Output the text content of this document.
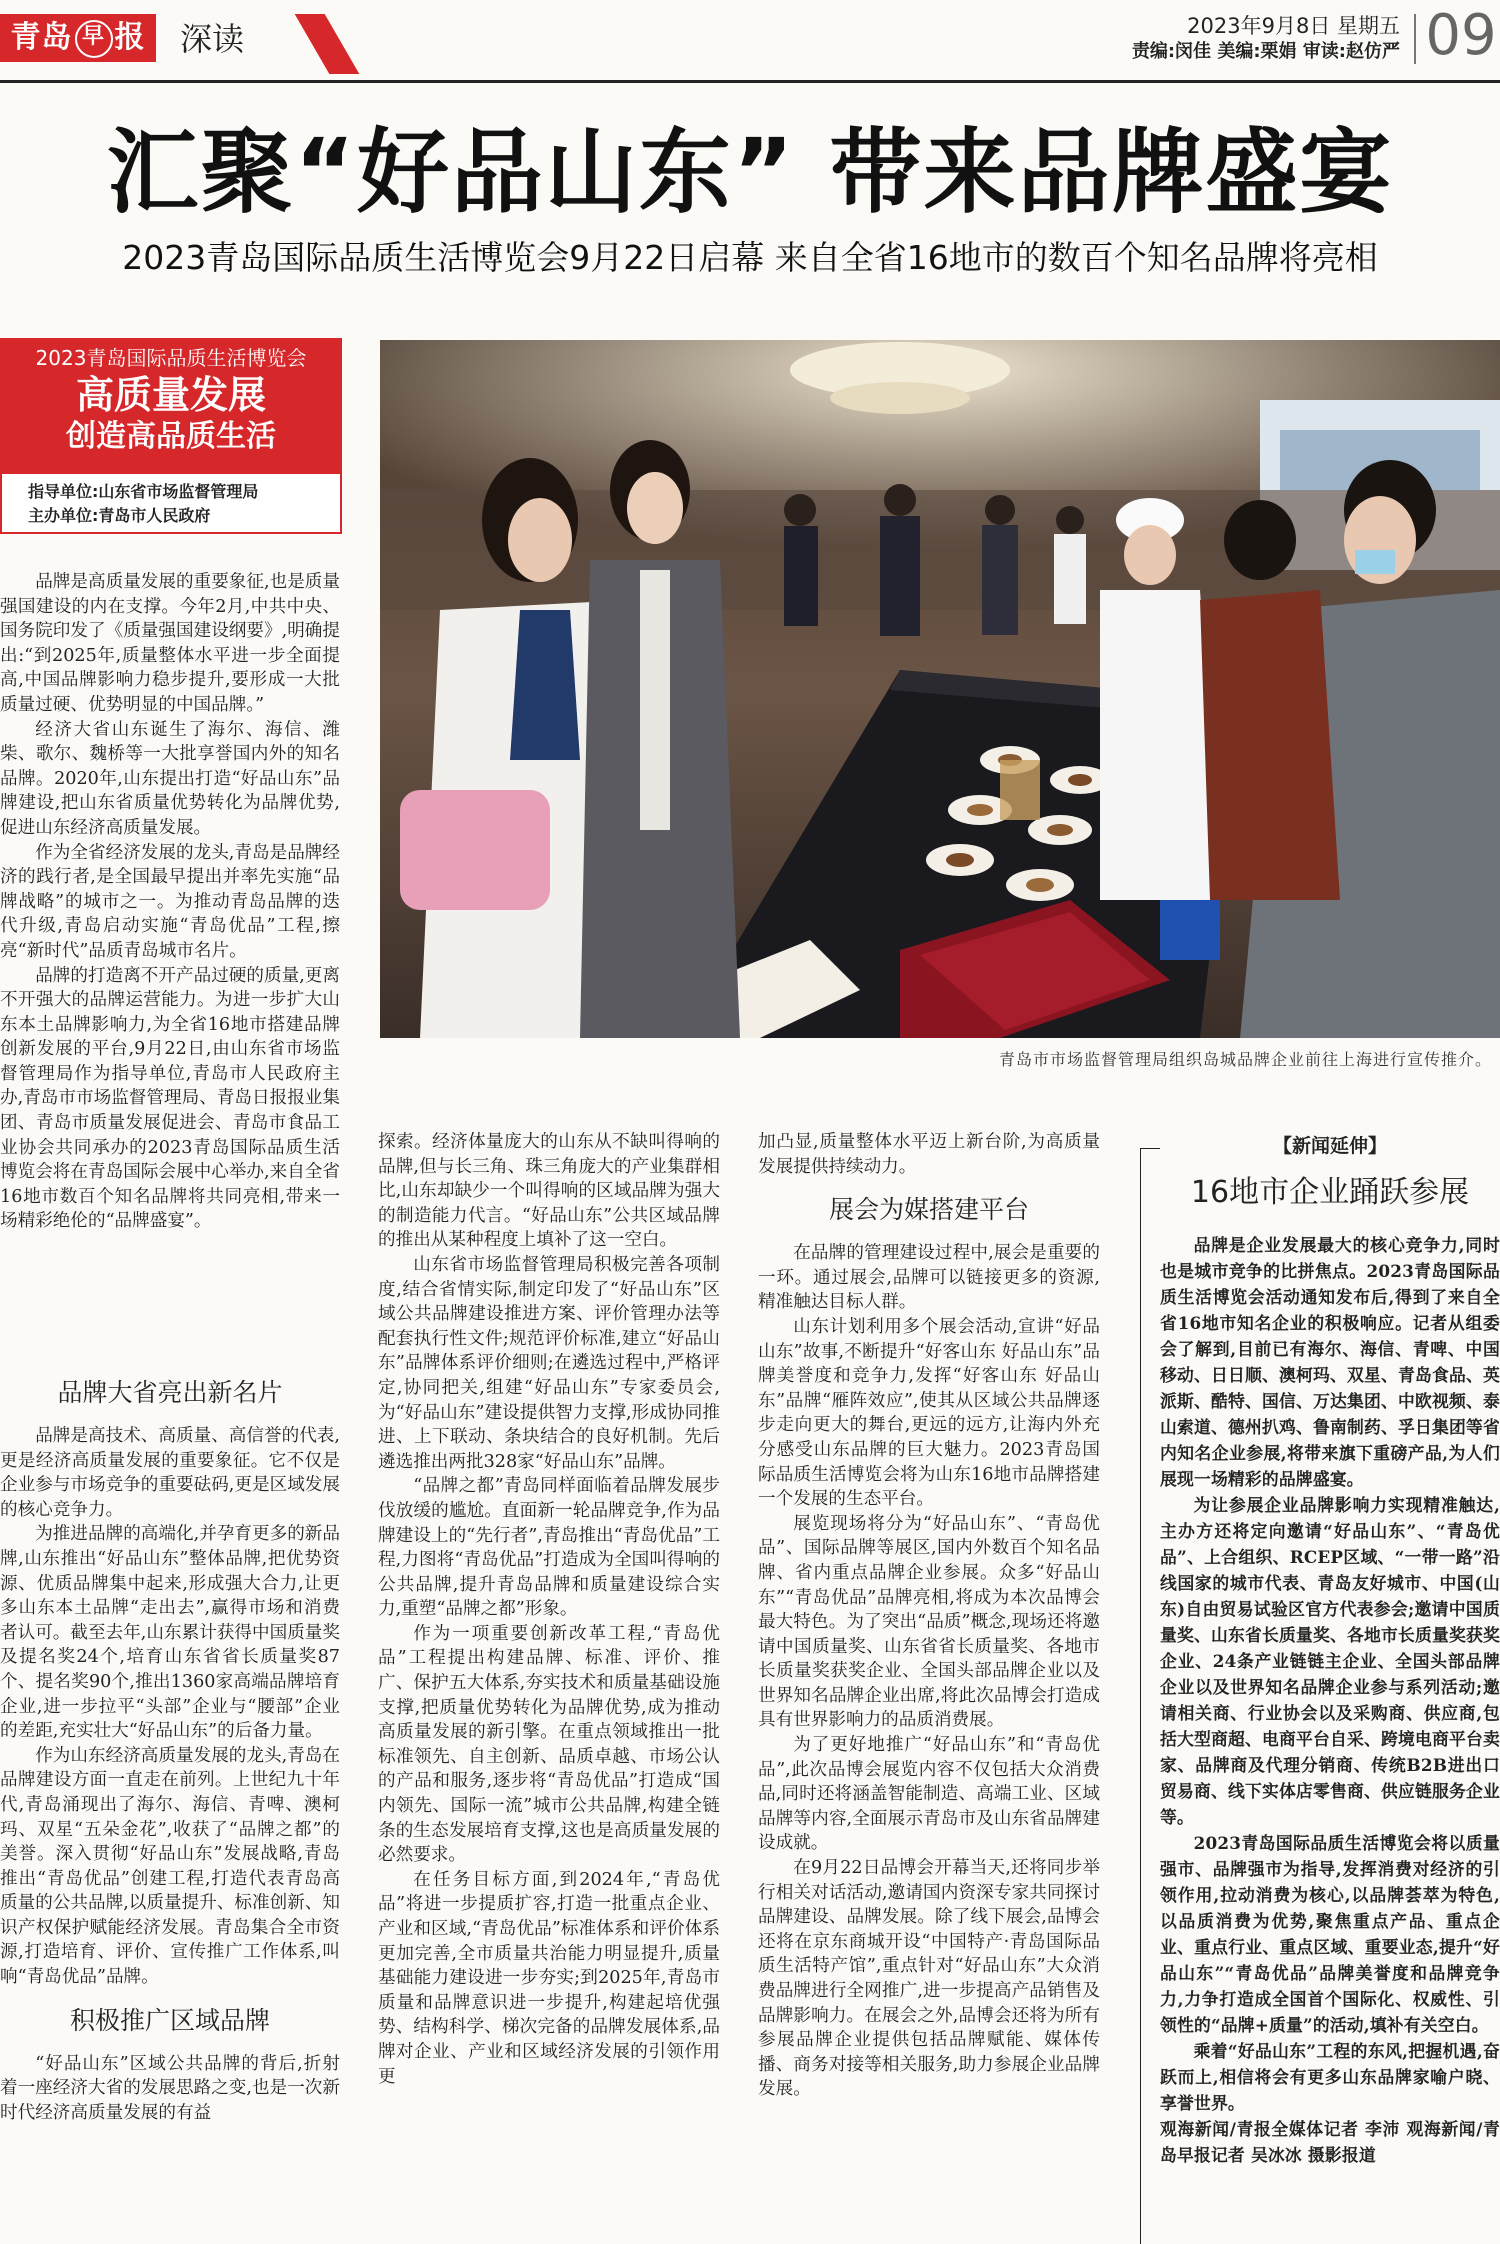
青岛 早 报	深读	2023年9月8日 星期五
责编:闵佳 美编:栗娟 审读:赵仿严 09
汇聚“好品山东” 带来品牌盛宴
2023青岛国际品质生活博览会9月22日启幕 来自全省16地市的数百个知名品牌将亮相
2023青岛国际品质生活博览会
高质量发展
创造高品质生活
指导单位:山东省市场监督管理局
主办单位:青岛市人民政府
青岛市市场监督管理局组织岛城品牌企业前往上海进行宣传推介。

品牌是高质量发展的重要象征,也是质量强国建设的内在支撑。今年2月,中共中央、国务院印发了《质量强国建设纲要》,明确提出:“到2025年,质量整体水平进一步全面提高,中国品牌影响力稳步提升,要形成一大批质量过硬、优势明显的中国品牌。”

经济大省山东诞生了海尔、海信、潍柴、歌尔、魏桥等一大批享誉国内外的知名品牌。2020年,山东提出打造“好品山东”品牌建设,把山东省质量优势转化为品牌优势,促进山东经济高质量发展。

作为全省经济发展的龙头,青岛是品牌经济的践行者,是全国最早提出并率先实施“品牌战略”的城市之一。为推动青岛品牌的迭代升级,青岛启动实施“青岛优品”工程,擦亮“新时代”品质青岛城市名片。

品牌的打造离不开产品过硬的质量,更离不开强大的品牌运营能力。为进一步扩大山东本土品牌影响力,为全省16地市搭建品牌创新发展的平台,9月22日,由山东省市场监督管理局作为指导单位,青岛市人民政府主办,青岛市市场监督管理局、青岛日报报业集团、青岛市质量发展促进会、青岛市食品工业协会共同承办的2023青岛国际品质生活博览会将在青岛国际会展中心举办,来自全省16地市数百个知名品牌将共同亮相,带来一场精彩绝伦的“品牌盛宴”。

品牌大省亮出新名片

品牌是高技术、高质量、高信誉的代表,更是经济高质量发展的重要象征。它不仅是企业参与市场竞争的重要砝码,更是区域发展的核心竞争力。

为推进品牌的高端化,并孕育更多的新品牌,山东推出“好品山东”整体品牌,把优势资源、优质品牌集中起来,形成强大合力,让更多山东本土品牌“走出去”,赢得市场和消费者认可。截至去年,山东累计获得中国质量奖及提名奖24个,培育山东省省长质量奖87个、提名奖90个,推出1360家高端品牌培育企业,进一步拉平“头部”企业与“腰部”企业的差距,充实壮大“好品山东”的后备力量。

作为山东经济高质量发展的龙头,青岛在品牌建设方面一直走在前列。上世纪九十年代,青岛涌现出了海尔、海信、青啤、澳柯玛、双星“五朵金花”,收获了“品牌之都”的美誉。深入贯彻“好品山东”发展战略,青岛推出“青岛优品”创建工程,打造代表青岛高质量的公共品牌,以质量提升、标准创新、知识产权保护赋能经济发展。青岛集合全市资源,打造培育、评价、宣传推广工作体系,叫响“青岛优品”品牌。

积极推广区域品牌

“好品山东”区域公共品牌的背后,折射着一座经济大省的发展思路之变,也是一次新时代经济高质量发展的有益

探索。经济体量庞大的山东从不缺叫得响的品牌,但与长三角、珠三角庞大的产业集群相比,山东却缺少一个叫得响的区域品牌为强大的制造能力代言。“好品山东”公共区域品牌的推出从某种程度上填补了这一空白。

山东省市场监督管理局积极完善各项制度,结合省情实际,制定印发了“好品山东”区域公共品牌建设推进方案、评价管理办法等配套执行性文件;规范评价标准,建立“好品山东”品牌体系评价细则;在遴选过程中,严格评定,协同把关,组建“好品山东”专家委员会,为“好品山东”建设提供智力支撑,形成协同推进、上下联动、条块结合的良好机制。先后遴选推出两批328家“好品山东”品牌。

“品牌之都”青岛同样面临着品牌发展步伐放缓的尴尬。直面新一轮品牌竞争,作为品牌建设上的“先行者”,青岛推出“青岛优品”工程,力图将“青岛优品”打造成为全国叫得响的公共品牌,提升青岛品牌和质量建设综合实力,重塑“品牌之都”形象。

作为一项重要创新改革工程,“青岛优品”工程提出构建品牌、标准、评价、推广、保护五大体系,夯实技术和质量基础设施支撑,把质量优势转化为品牌优势,成为推动高质量发展的新引擎。在重点领域推出一批标准领先、自主创新、品质卓越、市场公认的产品和服务,逐步将“青岛优品”打造成“国内领先、国际一流”城市公共品牌,构建全链条的生态发展培育支撑,这也是高质量发展的必然要求。

在任务目标方面,到2024年,“青岛优品”将进一步提质扩容,打造一批重点企业、产业和区域,“青岛优品”标准体系和评价体系更加完善,全市质量共治能力明显提升,质量基础能力建设进一步夯实;到2025年,青岛市质量和品牌意识进一步提升,构建起培优强势、结构科学、梯次完备的品牌发展体系,品牌对企业、产业和区域经济发展的引领作用更

加凸显,质量整体水平迈上新台阶,为高质量发展提供持续动力。

展会为媒搭建平台

在品牌的管理建设过程中,展会是重要的一环。通过展会,品牌可以链接更多的资源,精准触达目标人群。

山东计划利用多个展会活动,宣讲“好品山东”故事,不断提升“好客山东 好品山东”品牌美誉度和竞争力,发挥“好客山东 好品山东”品牌“雁阵效应”,使其从区域公共品牌逐步走向更大的舞台,更远的远方,让海内外充分感受山东品牌的巨大魅力。2023青岛国际品质生活博览会将为山东16地市品牌搭建一个发展的生态平台。

展览现场将分为“好品山东”、“青岛优品”、国际品牌等展区,国内外数百个知名品牌、省内重点品牌企业参展。众多“好品山东”“青岛优品”品牌亮相,将成为本次品博会最大特色。为了突出“品质”概念,现场还将邀请中国质量奖、山东省省长质量奖、各地市长质量奖获奖企业、全国头部品牌企业以及世界知名品牌企业出席,将此次品博会打造成具有世界影响力的品质消费展。

为了更好地推广“好品山东”和“青岛优品”,此次品博会展览内容不仅包括大众消费品,同时还将涵盖智能制造、高端工业、区域品牌等内容,全面展示青岛市及山东省品牌建设成就。

在9月22日品博会开幕当天,还将同步举行相关对话活动,邀请国内资深专家共同探讨品牌建设、品牌发展。除了线下展会,品博会还将在京东商城开设“中国特产·青岛国际品质生活特产馆”,重点针对“好品山东”大众消费品牌进行全网推广,进一步提高产品销售及品牌影响力。在展会之外,品博会还将为所有参展品牌企业提供包括品牌赋能、媒体传播、商务对接等相关服务,助力参展企业品牌发展。

【新闻延伸】
16地市企业踊跃参展

品牌是企业发展最大的核心竞争力,同时也是城市竞争的比拼焦点。2023青岛国际品质生活博览会活动通知发布后,得到了来自全省16地市知名企业的积极响应。记者从组委会了解到,目前已有海尔、海信、青啤、中国移动、日日顺、澳柯玛、双星、青岛食品、英派斯、酷特、国信、万达集团、中欧视频、泰山索道、德州扒鸡、鲁南制药、孚日集团等省内知名企业参展,将带来旗下重磅产品,为人们展现一场精彩的品牌盛宴。

为让参展企业品牌影响力实现精准触达,主办方还将定向邀请“好品山东”、“青岛优品”、上合组织、RCEP区域、“一带一路”沿线国家的城市代表、青岛友好城市、中国(山东)自由贸易试验区官方代表参会;邀请中国质量奖、山东省长质量奖、各地市长质量奖获奖企业、24条产业链链主企业、全国头部品牌企业以及世界知名品牌企业参与系列活动;邀请相关商、行业协会以及采购商、供应商,包括大型商超、电商平台自采、跨境电商平台卖家、品牌商及代理分销商、传统B2B进出口贸易商、线下实体店零售商、供应链服务企业等。

2023青岛国际品质生活博览会将以质量强市、品牌强市为指导,发挥消费对经济的引领作用,拉动消费为核心,以品牌荟萃为特色,以品质消费为优势,聚焦重点产品、重点企业、重点行业、重点区域、重要业态,提升“好品山东”“青岛优品”品牌美誉度和品牌竞争力,力争打造成全国首个国际化、权威性、引领性的“品牌+质量”的活动,填补有关空白。

乘着“好品山东”工程的东风,把握机遇,奋跃而上,相信将会有更多山东品牌家喻户晓、享誉世界。

观海新闻/青报全媒体记者 李沛 观海新闻/青岛早报记者 吴冰冰 摄影报道
